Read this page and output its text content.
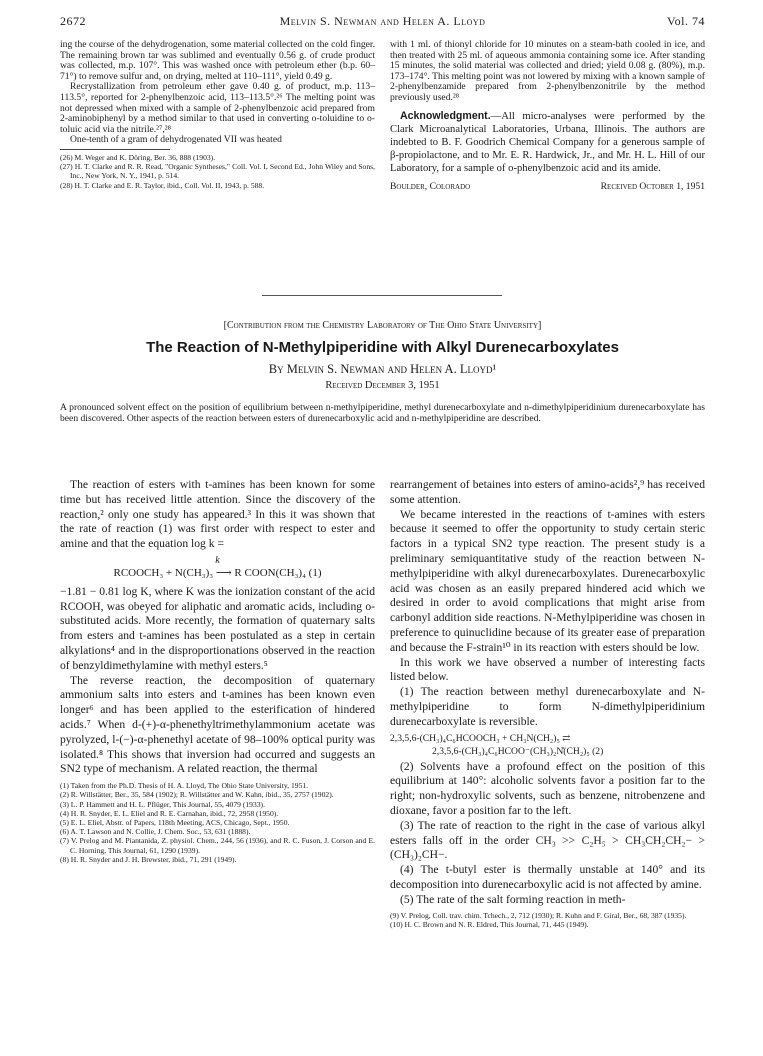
2672	Melvin S. Newman and Helen A. Lloyd	Vol. 74

ing the course of the dehydrogenation, some material collected on the cold finger. The remaining brown tar was sublimed and eventually 0.56 g. of crude product was collected, m.p. 107°. This was washed once with petroleum ether (b.p. 60–71°) to remove sulfur and, on drying, melted at 110–111°, yield 0.49 g.

Recrystallization from petroleum ether gave 0.40 g. of product, m.p. 113–113.5°, reported for 2-phenylbenzoic acid, 113–113.5°.²⁶ The melting point was not depressed when mixed with a sample of 2-phenylbenzoic acid prepared from 2-aminobiphenyl by a method similar to that used in converting o-toluidine to o-toluic acid via the nitrile.²⁷,²⁸

One-tenth of a gram of dehydrogenated VII was heated

(26) M. Weger and K. Döring, Ber. 36, 888 (1903).

(27) H. T. Clarke and R. R. Read, "Organic Syntheses," Coll. Vol. I, Second Ed., John Wiley and Sons, Inc., New York, N. Y., 1941, p. 514.

(28) H. T. Clarke and E. R. Taylor, ibid., Coll. Vol. II, 1943, p. 588.

with 1 ml. of thionyl chloride for 10 minutes on a steam-bath cooled in ice, and then treated with 25 ml. of aqueous ammonia containing some ice. After standing 15 minutes, the solid material was collected and dried; yield 0.08 g. (80%), m.p. 173–174°. This melting point was not lowered by mixing with a known sample of 2-phenylbenzamide prepared from 2-phenylbenzonitrile by the method previously used.²⁸

Acknowledgment.—All micro-analyses were performed by the Clark Microanalytical Laboratories, Urbana, Illinois. The authors are indebted to B. F. Goodrich Chemical Company for a generous sample of β-propiolactone, and to Mr. E. R. Hardwick, Jr., and Mr. H. L. Hill of our Laboratory, for a sample of o-phenylbenzoic acid and its amide.

Boulder, Colorado	Received October 1, 1951
[Contribution from the Chemistry Laboratory of The Ohio State University]
The Reaction of N-Methylpiperidine with Alkyl Durenecarboxylates
By Melvin S. Newman and Helen A. Lloyd¹
Received December 3, 1951
A pronounced solvent effect on the position of equilibrium between n-methylpiperidine, methyl durenecarboxylate and n-dimethylpiperidinium durenecarboxylate has been discovered. Other aspects of the reaction between esters of durenecarboxylic acid and n-methylpiperidine are described.

The reaction of esters with t-amines has been known for some time but has received little attention. Since the discovery of the reaction,² only one study has appeared.³ In this it was shown that the rate of reaction (1) was first order with respect to ester and amine and that the equation log k =

k
RCOOCH₃ + N(CH₃)₃ ⟶ R COON(CH₃)₄ (1)

−1.81 − 0.81 log K, where K was the ionization constant of the acid RCOOH, was obeyed for aliphatic and aromatic acids, including o-substituted acids. More recently, the formation of quaternary salts from esters and t-amines has been postulated as a step in certain alkylations⁴ and in the disproportionations observed in the reaction of benzyldimethylamine with methyl esters.⁵

The reverse reaction, the decomposition of quaternary ammonium salts into esters and t-amines has been known even longer⁶ and has been applied to the esterification of hindered acids.⁷ When d-(+)-α-phenethyltrimethylammonium acetate was pyrolyzed, l-(−)-α-phenethyl acetate of 98–100% optical purity was isolated.⁸ This shows that inversion had occurred and suggests an SN2 type of mechanism. A related reaction, the thermal

(1) Taken from the Ph.D. Thesis of H. A. Lloyd, The Ohio State University, 1951.

(2) R. Willstätter, Ber., 35, 584 (1902); R. Willstätter and W. Kahn, ibid., 35, 2757 (1902).

(3) L. P. Hammett and H. L. Pflüger, This Journal, 55, 4079 (1933).

(4) H. R. Snyder, E. L. Eliel and R. E. Carnahan, ibid., 72, 2958 (1950).

(5) E. L. Eliel, Abstr. of Papers, 118th Meeting, ACS, Chicago, Sept., 1950.

(6) A. T. Lawson and N. Collie, J. Chem. Soc., 53, 631 (1888).

(7) V. Prelog and M. Piantanida, Z. physiol. Chem., 244, 56 (1936), and R. C. Fuson, J. Corson and E. C. Horning, This Journal, 61, 1290 (1939).

(8) H. R. Snyder and J. H. Brewster, ibid., 71, 291 (1949).

rearrangement of betaines into esters of amino-acids²,⁹ has received some attention.

We became interested in the reactions of t-amines with esters because it seemed to offer the opportunity to study certain steric factors in a typical SN2 type reaction. The present study is a preliminary semiquantitative study of the reaction between N-methylpiperidine with alkyl durenecarboxylates. Durenecarboxylic acid was chosen as an easily prepared hindered acid which we desired in order to avoid complications that might arise from carbonyl addition side reactions. N-Methylpiperidine was chosen in preference to quinuclidine because of its greater ease of preparation and because the F-strain¹⁰ in its reaction with esters should be low.

In this work we have observed a number of interesting facts listed below.

(1) The reaction between methyl durenecarboxylate and N-methylpiperidine to form N-dimethylpiperidinium durenecarboxylate is reversible.

2,3,5,6-(CH₃)₄C₆HCOOCH₃ + CH₃N(CH₂)₅ ⇄
2,3,5,6-(CH₃)₄C₆HCOO⁻(CH₃)₂N̊(CH₂)₅ (2)

(2) Solvents have a profound effect on the position of this equilibrium at 140°: alcoholic solvents favor a position far to the right; non-hydroxylic solvents, such as benzene, nitrobenzene and dioxane, favor a position far to the left.

(3) The rate of reaction to the right in the case of various alkyl esters falls off in the order CH₃ >> C₂H₅ > CH₃CH₂CH₂− > (CH₃)₂CH−.

(4) The t-butyl ester is thermally unstable at 140° and its decomposition into durenecarboxylic acid is not affected by amine.

(5) The rate of the salt forming reaction in meth-

(9) V. Prelog, Coll. trav. chim. Tchech., 2, 712 (1930); R. Kuhn and F. Giral, Ber., 68, 387 (1935).

(10) H. C. Brown and N. R. Eldred, This Journal, 71, 445 (1949).
